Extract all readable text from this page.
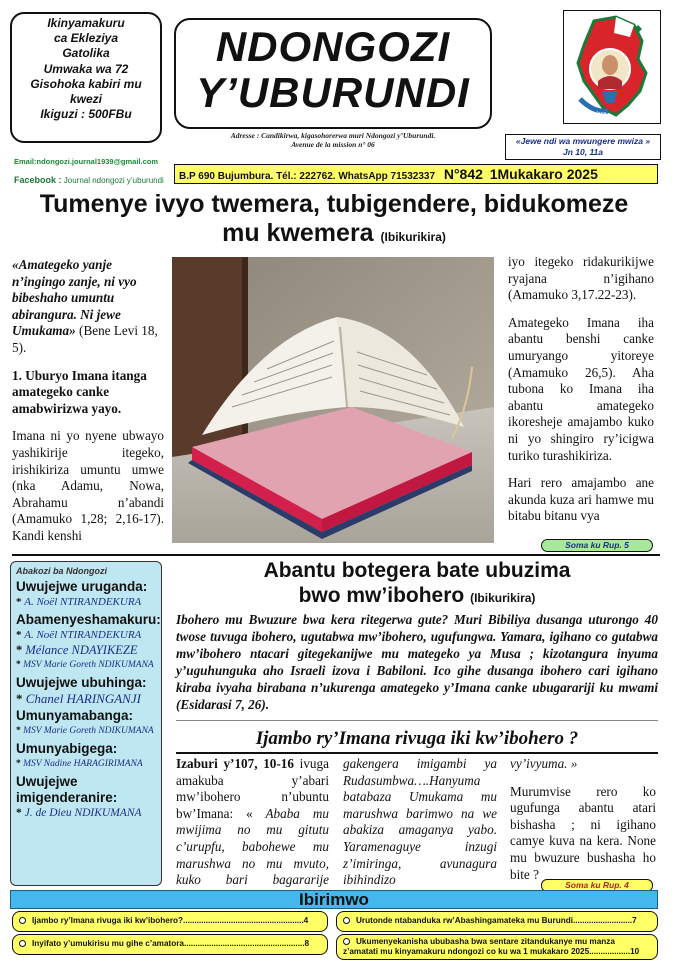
Ikinyamakuru
ca Ekleziya
Gatolika
Umwaka wa 72
Gisohoka kabiri mu
kwezi
Ikiguzi : 500FBu
NDONGOZI
Y’UBURUNDI
Adresse : Candikirwa, kigasohorerwa muri Ndongozi y’Uburundi.
Avenue de la mission n° 06
Jhwe kwa
«Jewe ndi wa mwungere mwiza »
Jn 10, 11a
Email:ndongozi.journal1939@gmail.com
Facebook : Journal ndongozi y’uburundi	B.P 690 Bujumbura. Tél.: 222762. WhatsApp 71532337 N°842 1Mukakaro 2025
Tumenye ivyo twemera, tubigendere, bidukomeze
mu kwemera (Ibikurikira)

«Amategeko yanje n’ingingo zanje, ni vyo bibeshaho umuntu abirangura. Ni jewe Umukama» (Bene Levi 18, 5).

1. Uburyo Imana itanga amategeko canke amabwirizwa yayo.

Imana ni yo nyene ubwayo yashikirije itegeko, irishikiriza umuntu umwe (nka Adamu, Nowa, Abrahamu n’abandi (Amamuko 1,28; 2,16-17). Kandi kenshi

iyo itegeko ridakurikijwe ryajana n’igihano (Amamuko 3,17.22-23).

Amategeko Imana iha abantu benshi canke umuryango yitoreye (Amamuko 26,5). Aha tubona ko Imana iha abantu amategeko ikoresheje amajambo kuko ni yo shingiro ry’icigwa turiko turashikiriza.

Hari rero amajambo ane akunda kuza ari hamwe mu bitabu bitanu vya

Soma ku Rup. 5
Abakozi ba Ndongozi
Uwujejwe uruganda:
* A. Noël NTIRANDEKURA
Abamenyeshamakuru:
* A. Noël NTIRANDEKURA
* Mélance NDAYIKEZE
* MSV Marie Goreth NDIKUMANA
Uwujejwe ubuhinga:
* Chanel HARINGANJI
Umunyamabanga:
* MSV Marie Goreth NDIKUMANA
Umunyabigega:
* MSV Nadine HARAGIRIMANA
Uwujejwe imigenderanire:
* J. de Dieu NDIKUMANA
Abantu botegera bate ubuzima
bwo mw’ibohero (Ibikurikira)
Ibohero mu Bwuzure bwa kera ritegerwa gute? Muri Bibiliya dusanga uturongo 40 twose tuvuga ibohero, ugutabwa mw’ibohero, ugufungwa. Yamara, igihano co gutabwa mw’ibohero ntacari gitegekanijwe mu mategeko ya Musa ; kizotangura inyuma y’uguhunguka aho Israeli izova i Babiloni. Ico gihe dusanga ibohero cari igihano kiraba ivyaha birabana n’ukurenga amategeko y’Imana canke ubugarariji ku mwami (Esidarasi 7, 26).
Ijambo ry’Imana rivuga iki kw’ibohero ?
Izaburi y’107, 10-16 ivuga amakuba y’abari mw’ibohero n’ubuntu bw’Imana: « Ababa mu mwijima no mu gitutu c’urupfu, babohewe mu marushwa no mu mvuto, kuko bari bagararije
gakengera imigambi ya Rudasumbwa….Hanyuma batabaza Umukama mu marushwa barimwo na we abakiza amaganya yabo. Yaramenaguye inzugi z’imiringa, avunagura ibihindizo

vy’ivyuma. »

Murumvise rero ko ugufunga abantu atari bishasha ; ni igihano camye kuva na kera. None mu bwuzure bushasha ho bite ?

Soma ku Rup. 4
Ibirimwo
Ijambo ry’Imana rivuga iki kw’ibohero?.....................................................4
Inyifato y’umukirisu mu gihe c’amatora.....................................................8
Urutonde ntabanduka rw’Abashingamateka mu Burundi..........................7
Ukumenyekanisha ububasha bwa sentare zitandukanye mu manza z’amatati mu kinyamakuru ndongozi co ku wa 1 mukakaro 2025..................10
